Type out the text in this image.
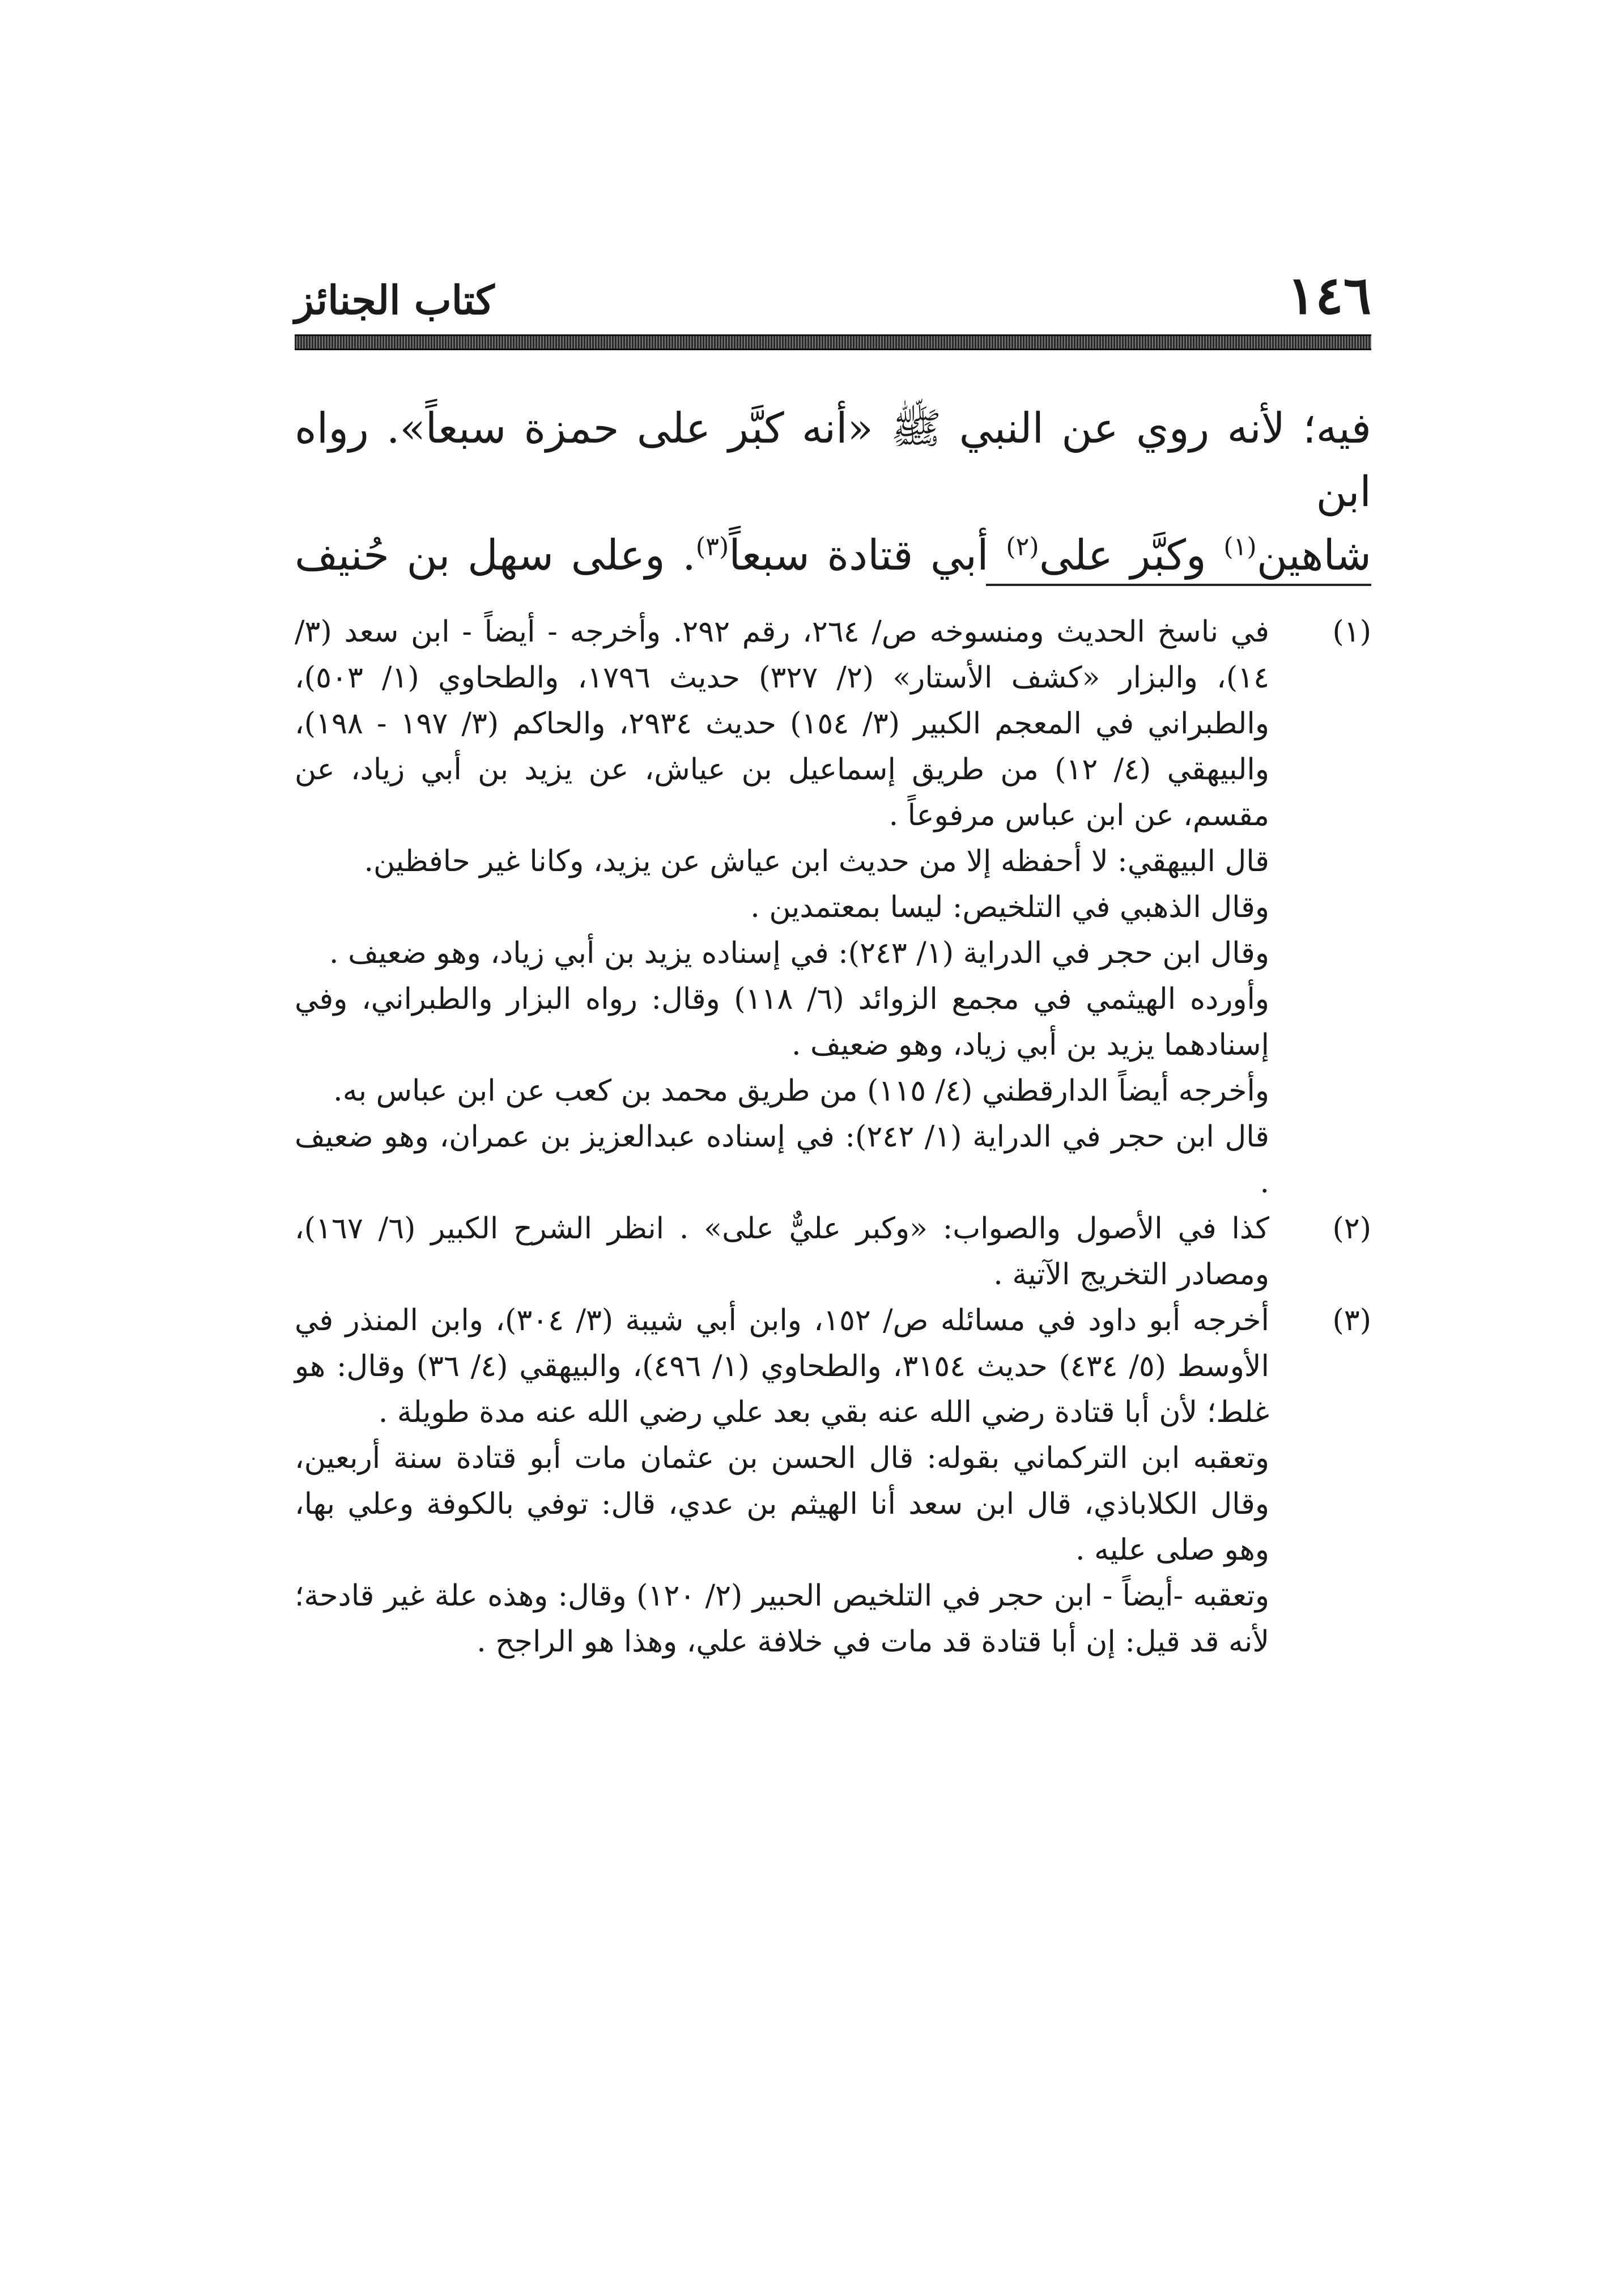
١٤٦
كتاب الجنائز
فيه؛ لأنه روي عن النبي ﷺ «أنه كبَّر على حمزة سبعاً». رواه ابن
شاهين$^{(١)}$ وكبَّر على$^{(٢)}$ أبي قتادة سبعاً$^{(٣)}$. وعلى سهل بن حُنيف
(١)

في ناسخ الحديث ومنسوخه ص/ ٢٦٤، رقم ٢٩٢. وأخرجه - أيضاً - ابن سعد (٣/ ١٤)، والبزار «كشف الأستار» (٢/ ٣٢٧) حديث ١٧٩٦، والطحاوي (١/ ٥٠٣)، والطبراني في المعجم الكبير (٣/ ١٥٤) حديث ٢٩٣٤، والحاكم (٣/ ١٩٧ - ١٩٨)، والبيهقي (٤/ ١٢) من طريق إسماعيل بن عياش، عن يزيد بن أبي زياد، عن مقسم، عن ابن عباس مرفوعاً .

قال البيهقي: لا أحفظه إلا من حديث ابن عياش عن يزيد، وكانا غير حافظين.

وقال الذهبي في التلخيص: ليسا بمعتمدين .

وقال ابن حجر في الدراية (١/ ٢٤٣): في إسناده يزيد بن أبي زياد، وهو ضعيف .

وأورده الهيثمي في مجمع الزوائد (٦/ ١١٨) وقال: رواه البزار والطبراني، وفي إسنادهما يزيد بن أبي زياد، وهو ضعيف .

وأخرجه أيضاً الدارقطني (٤/ ١١٥) من طريق محمد بن كعب عن ابن عباس به.

قال ابن حجر في الدراية (١/ ٢٤٢): في إسناده عبدالعزيز بن عمران، وهو ضعيف .

(٢)

كذا في الأصول والصواب: «وكبر عليٌّ على» . انظر الشرح الكبير (٦/ ١٦٧)، ومصادر التخريج الآتية .

(٣)

أخرجه أبو داود في مسائله ص/ ١٥٢، وابن أبي شيبة (٣/ ٣٠٤)، وابن المنذر في الأوسط (٥/ ٤٣٤) حديث ٣١٥٤، والطحاوي (١/ ٤٩٦)، والبيهقي (٤/ ٣٦) وقال: هو غلط؛ لأن أبا قتادة رضي الله عنه بقي بعد علي رضي الله عنه مدة طويلة .

وتعقبه ابن التركماني بقوله: قال الحسن بن عثمان مات أبو قتادة سنة أربعين، وقال الكلاباذي، قال ابن سعد أنا الهيثم بن عدي، قال: توفي بالكوفة وعلي بها، وهو صلى عليه .

وتعقبه -أيضاً - ابن حجر في التلخيص الحبير (٢/ ١٢٠) وقال: وهذه علة غير قادحة؛ لأنه قد قيل: إن أبا قتادة قد مات في خلافة علي، وهذا هو الراجح .
